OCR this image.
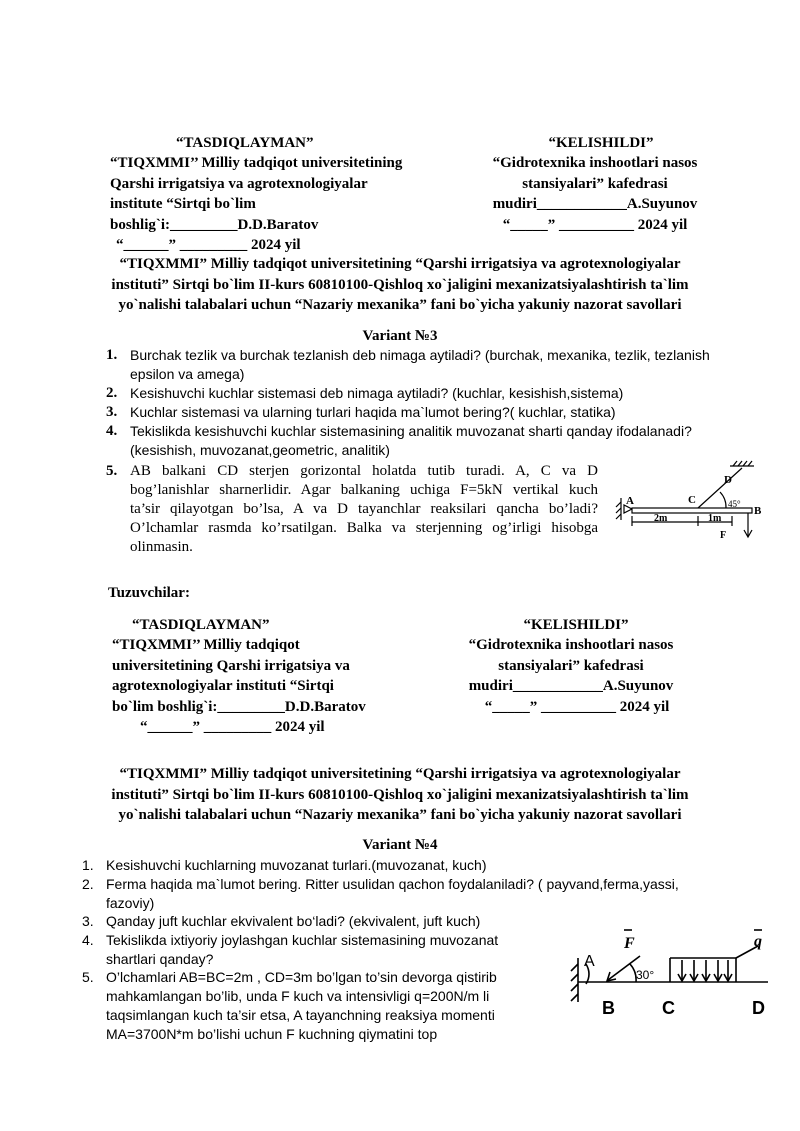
“TASDIQLAYMAN”
“TIQXMMI’’ Milliy tadqiqot universitetining
Qarshi irrigatsiya va agrotexnologiyalar
institute “Sirtqi bo`lim
boshlig`i:_________D.D.Baratov
“______” _________ 2024 yil
“KELISHILDI”
“Gidrotexnika inshootlari nasos
stansiyalari” kafedrasi
mudiri____________A.Suyunov
“_____” __________ 2024 yil
“TIQXMMI” Milliy tadqiqot universitetining “Qarshi irrigatsiya va agrotexnologiyalar
instituti” Sirtqi bo`lim II-kurs 60810100-Qishloq xo`jaligini mexanizatsiyalashtirish ta`lim
yo`nalishi talabalari uchun “Nazariy mexanika” fani bo`yicha yakuniy nazorat savollari
Variant №3
1. Burchak tezlik va burchak tezlanish deb nimaga aytiladi? (burchak, mexanika, tezlik, tezlanish
epsilon va amega)
2. Kesishuvchi kuchlar sistemasi deb nimaga aytiladi? (kuchlar, kesishish,sistema)
3. Kuchlar sistemasi va ularning turlari haqida ma`lumot bering?( kuchlar, statika)
4. Tekislikda kesishuvchi kuchlar sistemasining analitik muvozanat sharti qanday ifodalanadi?
(kesishish, muvozanat,geometric, analitik)
5. AB balkani CD sterjen gorizontal holatda tutib turadi. A, C va D
bog’lanishlar sharnerlidir. Agar balkaning uchiga F=5kN vertikal kuch
ta’sir qilayotgan bo’lsa, A va D tayanchlar reaksilari qancha bo’ladi?
O’lchamlar rasmda ko’rsatilgan. Balka va sterjenning og’irligi hisobga
olinmasin.
A	C
D
B
F
45°
2m	1m
Tuzuvchilar:
“TASDIQLAYMAN”
“TIQXMMI’’ Milliy tadqiqot
universitetining Qarshi irrigatsiya va
agrotexnologiyalar instituti “Sirtqi
bo`lim boshlig`i:_________D.D.Baratov
“______” _________ 2024 yil
“KELISHILDI”
“Gidrotexnika inshootlari nasos
stansiyalari” kafedrasi
mudiri____________A.Suyunov
“_____” __________ 2024 yil
“TIQXMMI” Milliy tadqiqot universitetining “Qarshi irrigatsiya va agrotexnologiyalar
instituti” Sirtqi bo`lim II-kurs 60810100-Qishloq xo`jaligini mexanizatsiyalashtirish ta`lim
yo`nalishi talabalari uchun “Nazariy mexanika” fani bo`yicha yakuniy nazorat savollari
Variant №4
1. Kesishuvchi kuchlarning muvozanat turlari.(muvozanat, kuch)
2. Ferma haqida ma`lumot bering. Ritter usulidan qachon foydalaniladi? ( payvand,ferma,yassi,
fazoviy)
3. Qanday juft kuchlar ekvivalent bo‘ladi? (ekvivalent, juft kuch)
4. Tekislikda ixtiyoriy joylashgan kuchlar sistemasining muvozanat
shartlari qanday?
5. O’lchamlari AB=BC=2m , CD=3m bo’lgan to’sin devorga qistirib
mahkamlangan bo’lib, unda F kuch va intensivligi q=200N/m li
taqsimlangan kuch ta’sir etsa, A tayanchning reaksiya momenti
MA=3700N*m bo’lishi uchun F kuchning qiymatini top
A
B	C	D
F	q
30°
